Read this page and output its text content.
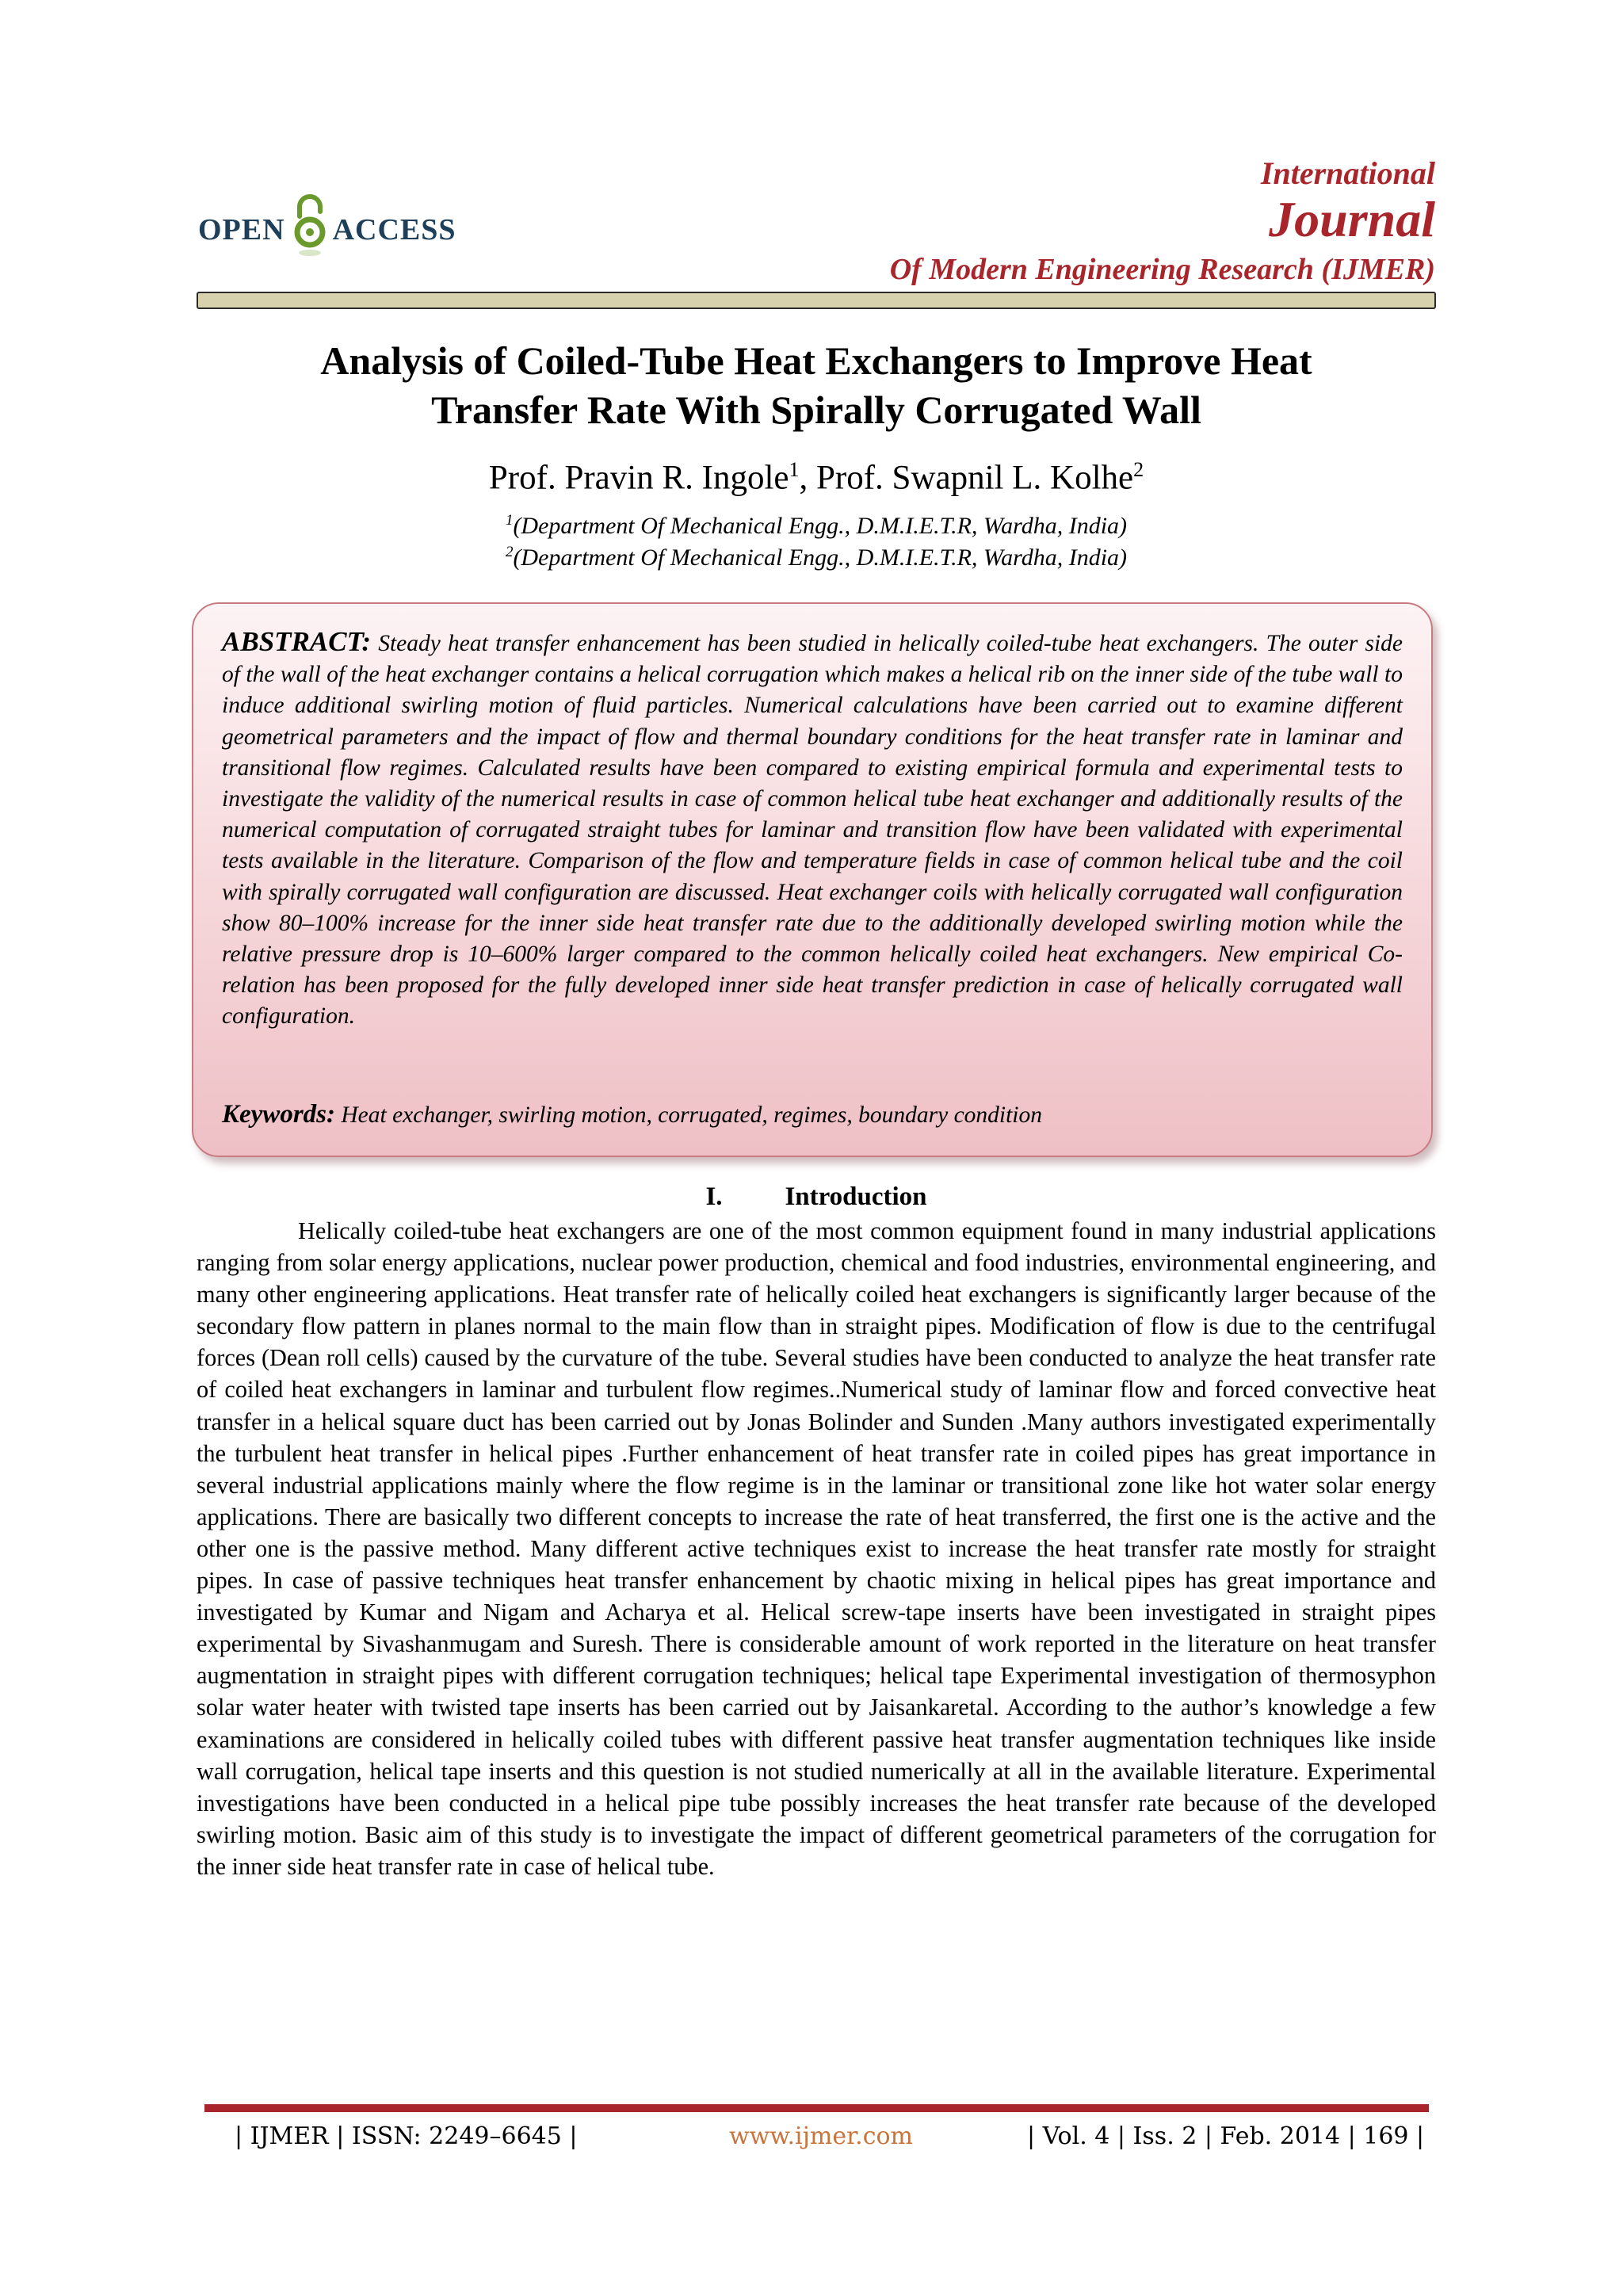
OPEN ACCESS
International
Journal
Of Modern Engineering Research (IJMER)
Analysis of Coiled-Tube Heat Exchangers to Improve Heat
Transfer Rate With Spirally Corrugated Wall
Prof. Pravin R. Ingole$^1$, Prof. Swapnil L. Kolhe$^2$
$^1$(Department Of Mechanical Engg., D.M.I.E.T.R, Wardha, India)
$^2$(Department Of Mechanical Engg., D.M.I.E.T.R, Wardha, India)
ABSTRACT: Steady heat transfer enhancement has been studied in helically coiled-tube heat exchangers. The outer side of the wall of the heat exchanger contains a helical corrugation which makes a helical rib on the inner side of the tube wall to induce additional swirling motion of fluid particles. Numerical calculations have been carried out to examine different geometrical parameters and the impact of flow and thermal boundary conditions for the heat transfer rate in laminar and transitional flow regimes. Calculated results have been compared to existing empirical formula and experimental tests to investigate the validity of the numerical results in case of common helical tube heat exchanger and additionally results of the numerical computation of corrugated straight tubes for laminar and transition flow have been validated with experimental tests available in the literature. Comparison of the flow and temperature fields in case of common helical tube and the coil with spirally corrugated wall configuration are discussed. Heat exchanger coils with helically corrugated wall configuration show 80–100% increase for the inner side heat transfer rate due to the additionally developed swirling motion while the relative pressure drop is 10–600% larger compared to the common helically coiled heat exchangers. New empirical Co-relation has been proposed for the fully developed inner side heat transfer prediction in case of helically corrugated wall configuration.
Keywords: Heat exchanger, swirling motion, corrugated, regimes, boundary condition
I. Introduction
Helically coiled-tube heat exchangers are one of the most common equipment found in many industrial applications ranging from solar energy applications, nuclear power production, chemical and food industries, environmental engineering, and many other engineering applications. Heat transfer rate of helically coiled heat exchangers is significantly larger because of the secondary flow pattern in planes normal to the main flow than in straight pipes. Modification of flow is due to the centrifugal forces (Dean roll cells) caused by the curvature of the tube. Several studies have been conducted to analyze the heat transfer rate of coiled heat exchangers in laminar and turbulent flow regimes..Numerical study of laminar flow and forced convective heat transfer in a helical square duct has been carried out by Jonas Bolinder and Sunden .Many authors investigated experimentally the turbulent heat transfer in helical pipes .Further enhancement of heat transfer rate in coiled pipes has great importance in several industrial applications mainly where the flow regime is in the laminar or transitional zone like hot water solar energy applications. There are basically two different concepts to increase the rate of heat transferred, the first one is the active and the other one is the passive method. Many different active techniques exist to increase the heat transfer rate mostly for straight pipes. In case of passive techniques heat transfer enhancement by chaotic mixing in helical pipes has great importance and investigated by Kumar and Nigam and Acharya et al. Helical screw-tape inserts have been investigated in straight pipes experimental by Sivashanmugam and Suresh. There is considerable amount of work reported in the literature on heat transfer augmentation in straight pipes with different corrugation techniques; helical tape Experimental investigation of thermosyphon solar water heater with twisted tape inserts has been carried out by Jaisankaretal. According to the author’s knowledge a few examinations are considered in helically coiled tubes with different passive heat transfer augmentation techniques like inside wall corrugation, helical tape inserts and this question is not studied numerically at all in the available literature. Experimental investigations have been conducted in a helical pipe tube possibly increases the heat transfer rate because of the developed swirling motion. Basic aim of this study is to investigate the impact of different geometrical parameters of the corrugation for the inner side heat transfer rate in case of helical tube.
| IJMER | ISSN: 2249–6645 |	www.ijmer.com	| Vol. 4 | Iss. 2 | Feb. 2014 | 169 |
